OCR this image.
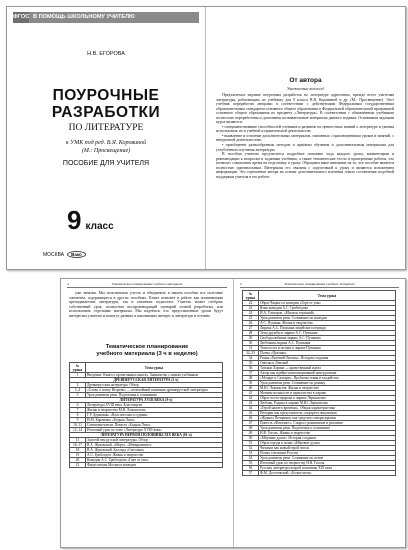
ФГОС В ПОМОЩЬ ШКОЛЬНОМУ УЧИТЕЛЮ
Н.В. ЕГОРОВА
ПОУРОЧНЫЕ
РАЗРАБОТКИ
ПО ЛИТЕРАТУРЕ
к УМК под ред. В.Я. Коровиной
(М.: Просвещение)
ПОСОБИЕ ДЛЯ УЧИТЕЛЯ
9 класс
МОСКВА Вако
От автора
Уважаемые коллеги!

Предлагаемое издание поурочных разработок по литературе адресовано, прежде всего учителям литературы, работающим по учебнику для 9 класса В.Я. Коровиной и др. (М.: Просвещение). Этот учебник переработан авторами в соответствии с действующим Федеральным государственным образовательным стандартом основного общего образования и Федеральной образовательной программой основного общего образования по предмету «Литература». В соответствии с обновлённым учебником полностью переработаны и дополнены познавательные материалы данного издания. Основными задачами курса являются:

• совершенствование способностей учеников и развитие их ценностных знаний о литературе и умения использовать их в учебной и практической деятельности;

• выявление и освоение дополнительных материалов, связанных с произведениями уроков и занятий, с внеурочной деятельностью;

• приобщение разнообразным методам и приёмам обучения и дополнительным материалам для углублённого изучения литературы.

В пособии учителю предлагается подробное описание хода каждого урока, комментарии и рекомендации к вопросам и заданиям учебника, а также тематические тесты и проверочные работы, что позволит сэкономить время на подготовку к уроку. Обращаем ваше внимание на то, что пособие является полностью оригинальным. Материалы его связаны с подготовкой к уроку и являются изложением информации. Это стремление автора на основе дополнительного изучения опыта составления подобной поддержки учителя в его работе.

4	Тематическое планирование учебного материала

уже занятия. Мы пополнились учесть и объединить в нашем пособии все полезные элементы, содержащиеся в других пособиях. Книга поможет в работе как начинающим преподавателям литературы, так и опытным педагогам. Учитель может отобрать собственный урок, полностью воспроизводящий сценарий точной разработки, или использовать отдельные материалы. Мы надеемся, что представленные уроки будут интересны учителю и помогут развить в школьниках интерес к литературе и чтению.

Тематическое планирование
учебного материала (3 ч в неделю)
№ урока	Тема урока
1	Введение. Книга о прочитанных книгах. Знакомство с новым учебником
ДРЕВНЕРУССКАЯ ЛИТЕРАТУРА (3 ч)	
2	Древнерусская литература. Обзор
3–4	«Слово о полку Игореве» — величайший памятник древнерусской литературы
5	Урок развития речи. Подготовка к сочинению
ЛИТЕРАТУРА XVIII ВЕКА (9 ч)	
6	Литература XVIII века. Классицизм
7	Жизнь и творчество М.В. Ломоносова
8	Г.Р. Державин. «Властителям и судиям»
9	Н.М. Карамзин. «Бедная Лиза»
10–11	Сентиментализм. Повесть «Бедная Лиза»
12–14	Итоговый урок по теме «Литература XVIII века»
ЛИТЕРАТУРА ПЕРВОЙ ПОЛОВИНЫ XIX ВЕКА (61 ч)	
15	Золотой век русской литературы. Обзор
16–17	В.А. Жуковский. «Море». «Невыразимое»
18	В.А. Жуковский. Баллада «Светлана»
19	А.С. Грибоедов. Жизнь и творчество
20	Комедия А.С. Грибоедова «Горе от ума»
21	Фамусовская Москва в комедии
5	Тематическое планирование учебного материала
№ урока	Тема урока
22	Образ Чацкого в комедии «Горе от ума»
23	Язык комедии А.С. Грибоедова
24	И.А. Гончаров. «Мильон терзаний»
25	Урок развития речи. Сочинение по комедии
26	А.С. Пушкин. Жизнь и творчество
27	Лирика А.С. Пушкина лицейского периода
28	Тема дружбы в лирике А.С. Пушкина
29	Свободолюбивая лирика А.С. Пушкина
30	Любовная лирика А.С. Пушкина
31	Тема поэта и поэзии в лирике Пушкина
32–33	Поэма «Цыганы»
34	Роман «Евгений Онегин». История создания
35	Онегин и Ленский
36	Татьяна Ларина — нравственный идеал
37	Автор как идейно-композиционный центр романа
38	«Моцарт и Сальери». Проблема гения и злодейства
39	Урок развития речи. Сочинение по роману
40	М.Ю. Лермонтов. Жизнь и творчество
41	Мотивы вольности и одиночества в лирике
42	Образ поэта-пророка в лирике Лермонтова
43	Любовь, Родина в лирике М.Ю. Лермонтова
44	«Герой нашего времени». Общая характеристика
45	Печорин как представитель «портрета поколения»
46	«Журнал Печорина» как средство самораскрытия
47	Повесть «Фаталист». Споры о романтизме и реализме
48	Урок развития речи. Подготовка к сочинению
49	Н.В. Гоголь. Жизнь и творчество
50	«Мёртвые души». История создания
51	Образ города в поэме «Мёртвые души»
52	Чичиков как новый герой эпохи
53	Поэма о величии России
54	Урок развития речи. Сочинение по поэме
55	Итоговый урок по творчеству Н.В. Гоголя
56	Русская литература второй половины XIX века
57	Ф.М. Достоевский. «Белые ночи»
